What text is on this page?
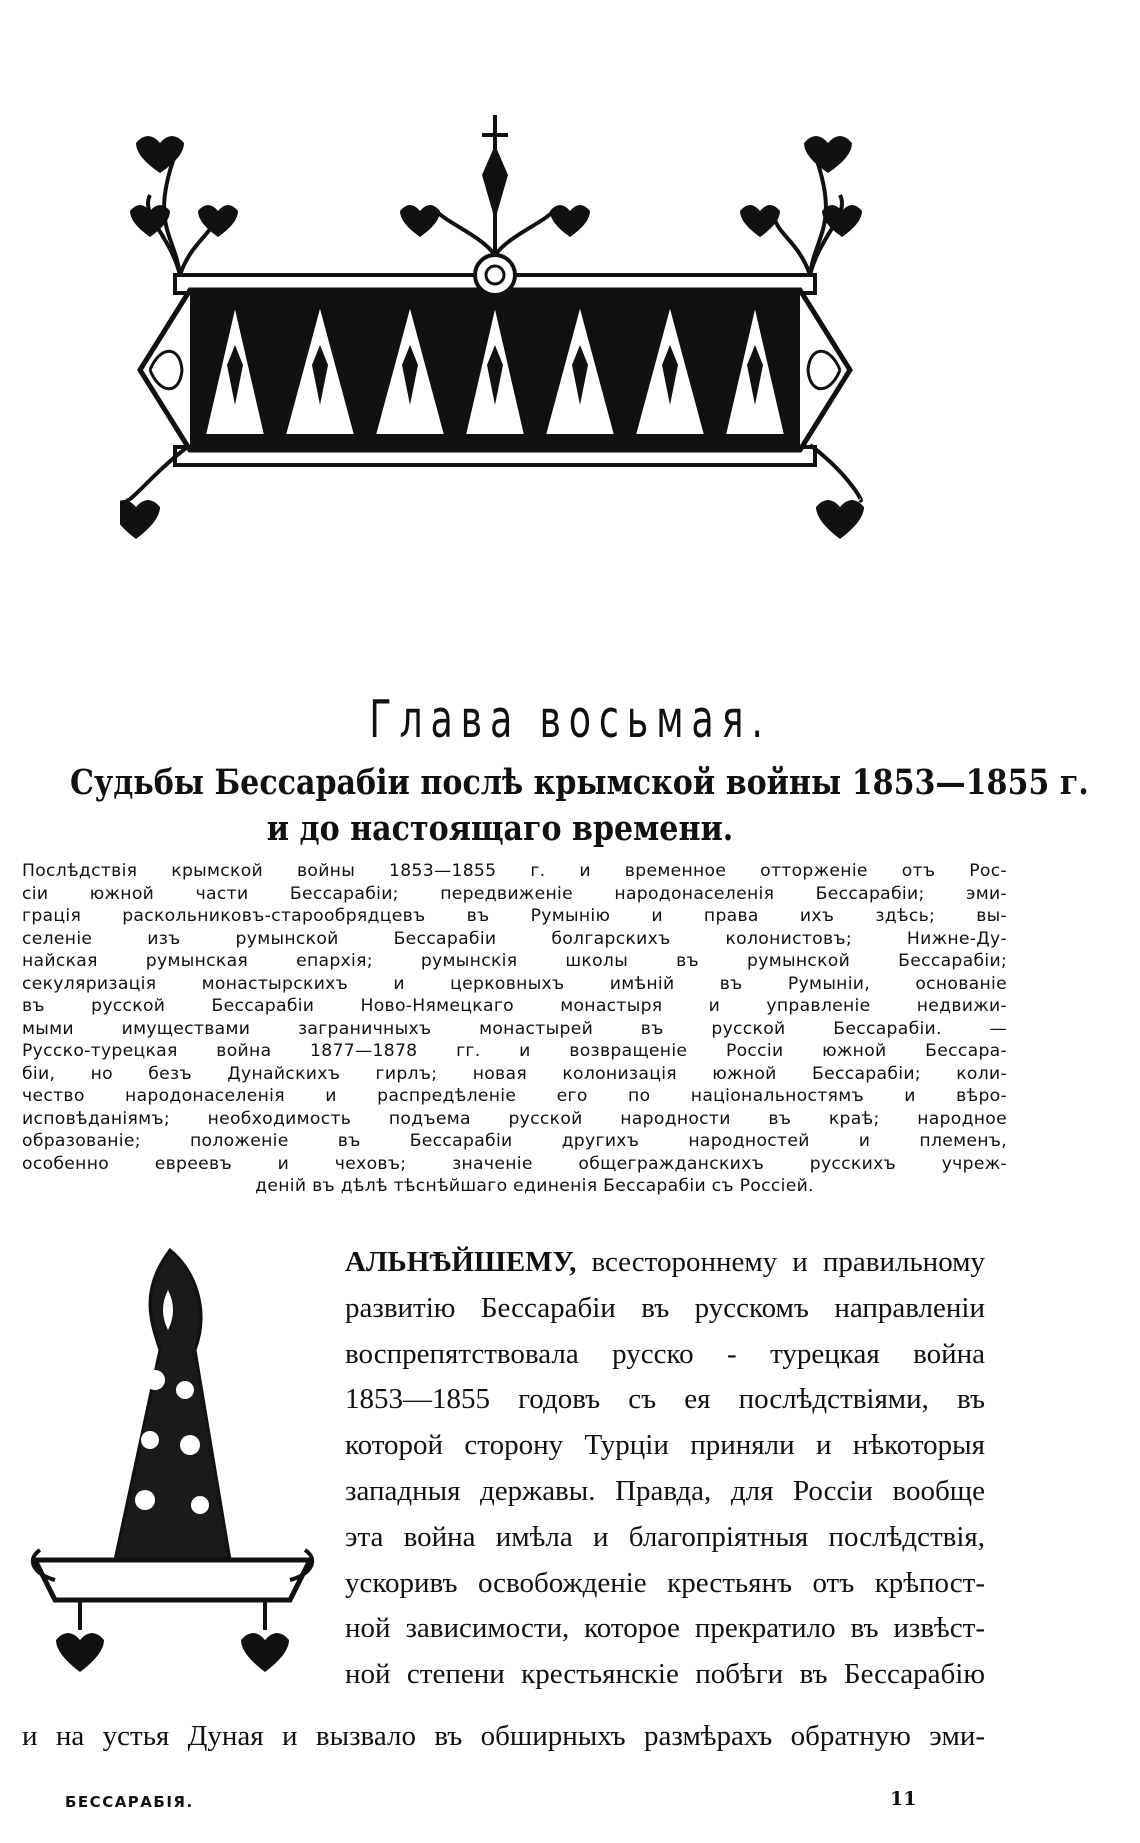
Глава восьмая.
Судьбы Бессарабіи послѣ крымской войны 1853—1855 г.
и до настоящаго времени.
Послѣдствія крымской войны 1853—1855 г. и временное отторженіе отъ Рос-
сіи южной части Бессарабіи; передвиженіе народонаселенія Бессарабіи; эми-
грація раскольниковъ-старообрядцевъ въ Румынію и права ихъ здѣсь; вы-
селеніе изъ румынской Бессарабіи болгарскихъ колонистовъ; Нижне-Ду-
найская румынская епархія; румынскія школы въ румынской Бессарабіи;
секуляризація монастырскихъ и церковныхъ имѣній въ Румыніи, основаніе
въ русской Бессарабіи Ново-Нямецкаго монастыря и управленіе недвижи-
мыми имуществами заграничныхъ монастырей въ русской Бессарабіи. —
Русско-турецкая война 1877—1878 гг. и возвращеніе Россіи южной Бессара-
біи, но безъ Дунайскихъ гирлъ; новая колонизація южной Бессарабіи; коли-
чество народонаселенія и распредѣленіе его по національностямъ и вѣро-
исповѣданіямъ; необходимость подъема русской народности въ краѣ; народное
образованіе; положеніе въ Бессарабіи другихъ народностей и племенъ,
особенно евреевъ и чеховъ; значеніе общегражданскихъ русскихъ учреж-
деній въ дѣлѣ тѣснѣйшаго единенія Бессарабіи съ Россіей.
АЛЬНѢЙШЕМУ, всестороннему и правильному
развитію Бессарабіи въ русскомъ направленіи
воспрепятствовала русско - турецкая война
1853—1855 годовъ съ ея послѣдствіями, въ
которой сторону Турціи приняли и нѣкоторыя
западныя державы. Правда, для Россіи вообще
эта война имѣла и благопріятныя послѣдствія,
ускоривъ освобожденіе крестьянъ отъ крѣпост-
ной зависимости, которое прекратило въ извѣст-
ной степени крестьянскіе побѣги въ Бессарабію
и на устья Дуная и вызвало въ обширныхъ размѣрахъ обратную эми-
БЕССАРАБІЯ.	11
